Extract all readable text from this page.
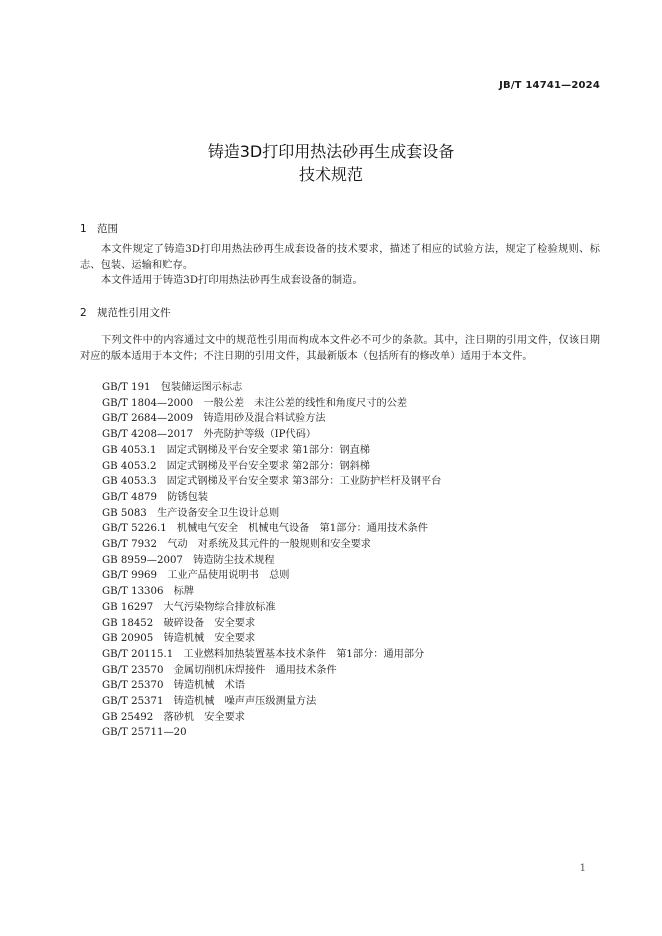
JB/T 14741—2024
铸造3D打印用热法砂再生成套设备
技术规范
1 范围

本文件规定了铸造3D打印用热法砂再生成套设备的技术要求，描述了相应的试验方法，规定了检验规则、标志、包装、运输和贮存。

本文件适用于铸造3D打印用热法砂再生成套设备的制造。

2 规范性引用文件

下列文件中的内容通过文中的规范性引用而构成本文件必不可少的条款。其中，注日期的引用文件，仅该日期对应的版本适用于本文件；不注日期的引用文件，其最新版本（包括所有的修改单）适用于本文件。

GB/T 191　包装储运图示标志
GB/T 1804—2000　一般公差　未注公差的线性和角度尺寸的公差
GB/T 2684—2009　铸造用砂及混合料试验方法
GB/T 4208—2017　外壳防护等级（IP代码）
GB 4053.1　固定式钢梯及平台安全要求 第1部分：钢直梯
GB 4053.2　固定式钢梯及平台安全要求 第2部分：钢斜梯
GB 4053.3　固定式钢梯及平台安全要求 第3部分：工业防护栏杆及钢平台
GB/T 4879　防锈包装
GB 5083　生产设备安全卫生设计总则
GB/T 5226.1　机械电气安全　机械电气设备　第1部分：通用技术条件
GB/T 7932　气动　对系统及其元件的一般规则和安全要求
GB 8959—2007　铸造防尘技术规程
GB/T 9969　工业产品使用说明书　总则
GB/T 13306　标牌
GB 16297　大气污染物综合排放标准
GB 18452　破碎设备　安全要求
GB 20905　铸造机械　安全要求
GB/T 20115.1　工业燃料加热装置基本技术条件　第1部分：通用部分
GB/T 23570　金属切削机床焊接件　通用技术条件
GB/T 25370　铸造机械　术语
GB/T 25371　铸造机械　噪声声压级测量方法
GB 25492　落砂机　安全要求
GB/T 25711—20
1
